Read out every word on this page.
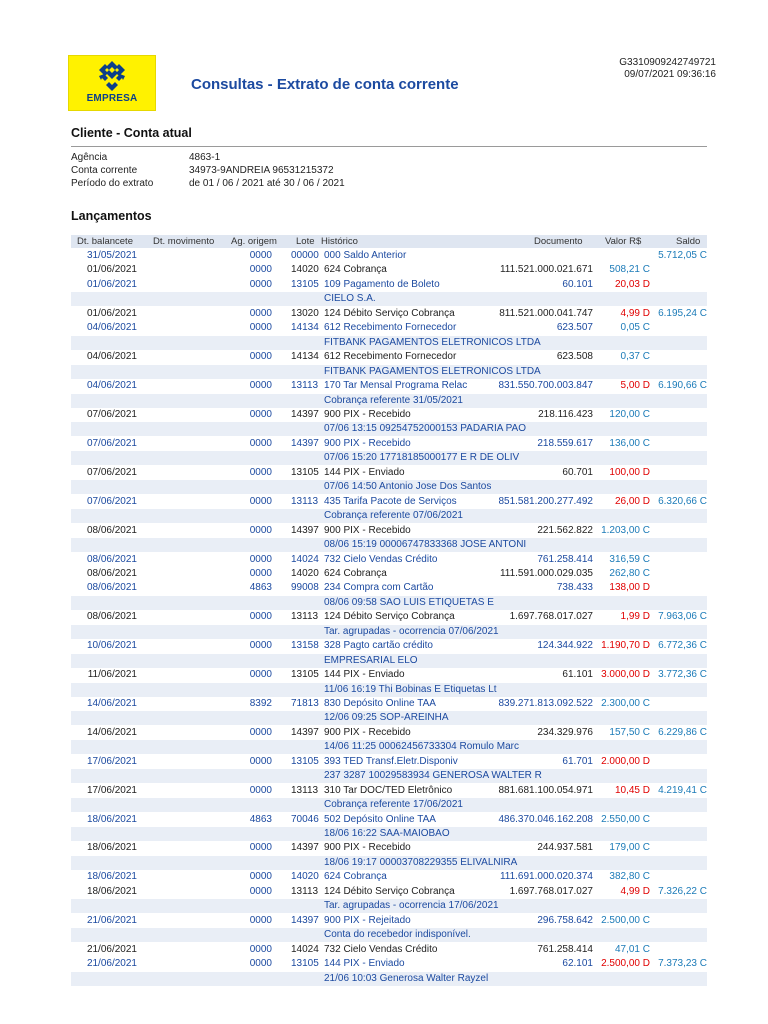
EMPRESA
Consultas - Extrato de conta corrente
G3310909242749721
09/07/2021 09:36:16
Cliente - Conta atual
Agência	4863-1
Conta corrente	34973-9ANDREIA 96531215372
Período do extrato	de 01 / 06 / 2021 até 30 / 06 / 2021
Lançamentos
Dt. balancete Dt. movimento Ag. origem Lote Histórico	Documento Valor R$	Saldo
31/05/2021	0000 00000 000 Saldo Anterior	5.712,05 C
01/06/2021	0000 14020 624 Cobrança	111.521.000.021.671	508,21 C
01/06/2021	0000 13105 109 Pagamento de Boleto	60.101	20,03 D
CIELO S.A.
01/06/2021	0000 13020 124 Débito Serviço Cobrança	811.521.000.041.747	4,99 D 6.195,24 C
04/06/2021	0000 14134 612 Recebimento Fornecedor	623.507	0,05 C
FITBANK PAGAMENTOS ELETRONICOS LTDA
04/06/2021	0000 14134 612 Recebimento Fornecedor	623.508	0,37 C
FITBANK PAGAMENTOS ELETRONICOS LTDA
04/06/2021	0000 13113 170 Tar Mensal Programa Relac	831.550.700.003.847	5,00 D 6.190,66 C
Cobrança referente 31/05/2021
07/06/2021	0000 14397 900 PIX - Recebido	218.116.423	120,00 C
07/06 13:15 09254752000153 PADARIA PAO
07/06/2021	0000 14397 900 PIX - Recebido	218.559.617	136,00 C
07/06 15:20 17718185000177 E R DE OLIV
07/06/2021	0000 13105 144 PIX - Enviado	60.701	100,00 D
07/06 14:50 Antonio Jose Dos Santos
07/06/2021	0000 13113 435 Tarifa Pacote de Serviços	851.581.200.277.492	26,00 D 6.320,66 C
Cobrança referente 07/06/2021
08/06/2021	0000 14397 900 PIX - Recebido	221.562.822 1.203,00 C
08/06 15:19 00006747833368 JOSE ANTONI
08/06/2021	0000 14024 732 Cielo Vendas Crédito	761.258.414	316,59 C
08/06/2021	0000 14020 624 Cobrança	111.591.000.029.035	262,80 C
08/06/2021	4863 99008 234 Compra com Cartão	738.433	138,00 D
08/06 09:58 SAO LUIS ETIQUETAS E
08/06/2021	0000 13113 124 Débito Serviço Cobrança	1.697.768.017.027	1,99 D 7.963,06 C
Tar. agrupadas - ocorrencia 07/06/2021
10/06/2021	0000 13158 328 Pagto cartão crédito	124.344.922 1.190,70 D 6.772,36 C
EMPRESARIAL ELO
11/06/2021	0000 13105 144 PIX - Enviado	61.101 3.000,00 D 3.772,36 C
11/06 16:19 Thi Bobinas E Etiquetas Lt
14/06/2021	8392 71813 830 Depósito Online TAA	839.271.813.092.522 2.300,00 C
12/06 09:25 SOP-AREINHA
14/06/2021	0000 14397 900 PIX - Recebido	234.329.976	157,50 C 6.229,86 C
14/06 11:25 00062456733304 Romulo Marc
17/06/2021	0000 13105 393 TED Transf.Eletr.Disponiv	61.701 2.000,00 D
237 3287 10029583934 GENEROSA WALTER R
17/06/2021	0000 13113 310 Tar DOC/TED Eletrônico	881.681.100.054.971	10,45 D 4.219,41 C
Cobrança referente 17/06/2021
18/06/2021	4863 70046 502 Depósito Online TAA	486.370.046.162.208 2.550,00 C
18/06 16:22 SAA-MAIOBAO
18/06/2021	0000 14397 900 PIX - Recebido	244.937.581	179,00 C
18/06 19:17 00003708229355 ELIVALNIRA
18/06/2021	0000 14020 624 Cobrança	111.691.000.020.374	382,80 C
18/06/2021	0000 13113 124 Débito Serviço Cobrança	1.697.768.017.027	4,99 D 7.326,22 C
Tar. agrupadas - ocorrencia 17/06/2021
21/06/2021	0000 14397 900 PIX - Rejeitado	296.758.642 2.500,00 C
Conta do recebedor indisponível.
21/06/2021	0000 14024 732 Cielo Vendas Crédito	761.258.414	47,01 C
21/06/2021	0000 13105 144 PIX - Enviado	62.101 2.500,00 D 7.373,23 C
21/06 10:03 Generosa Walter Rayzel
